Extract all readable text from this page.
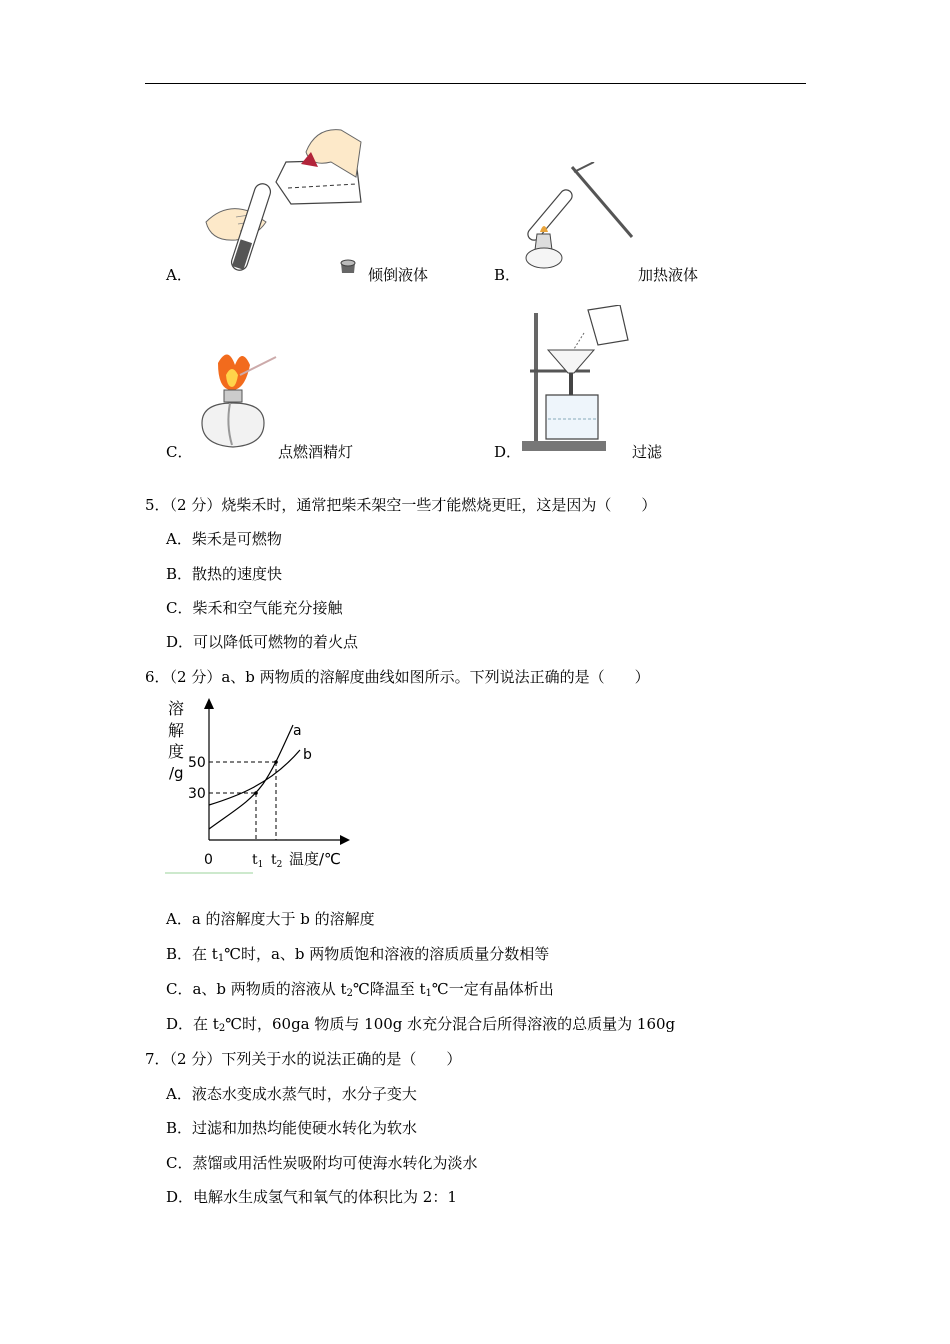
A．	倾倒液体	B．	加热液体
C．	点燃酒精灯	D．	过滤
5．（2 分）烧柴禾时，通常把柴禾架空一些才能燃烧更旺，这是因为（　　）
A．柴禾是可燃物
B．散热的速度快
C．柴禾和空气能充分接触
D．可以降低可燃物的着火点
6．（2 分）a、b 两物质的溶解度曲线如图所示。下列说法正确的是（　　）
溶
解
度
/g
50
30
0	$t_1$ $t_2$ 温度/℃
a
b
A．a 的溶解度大于 b 的溶解度
B．在 $t_1℃$时，a、b 两物质饱和溶液的溶质质量分数相等
C．a、b 两物质的溶液从 $t_2℃$降温至 $t_1℃$一定有晶体析出
D．在 $t_2℃$时，60ga 物质与 100g 水充分混合后所得溶液的总质量为 160g
7．（2 分）下列关于水的说法正确的是（　　）
A．液态水变成水蒸气时，水分子变大
B．过滤和加热均能使硬水转化为软水
C．蒸馏或用活性炭吸附均可使海水转化为淡水
D．电解水生成氢气和氧气的体积比为 2：1
